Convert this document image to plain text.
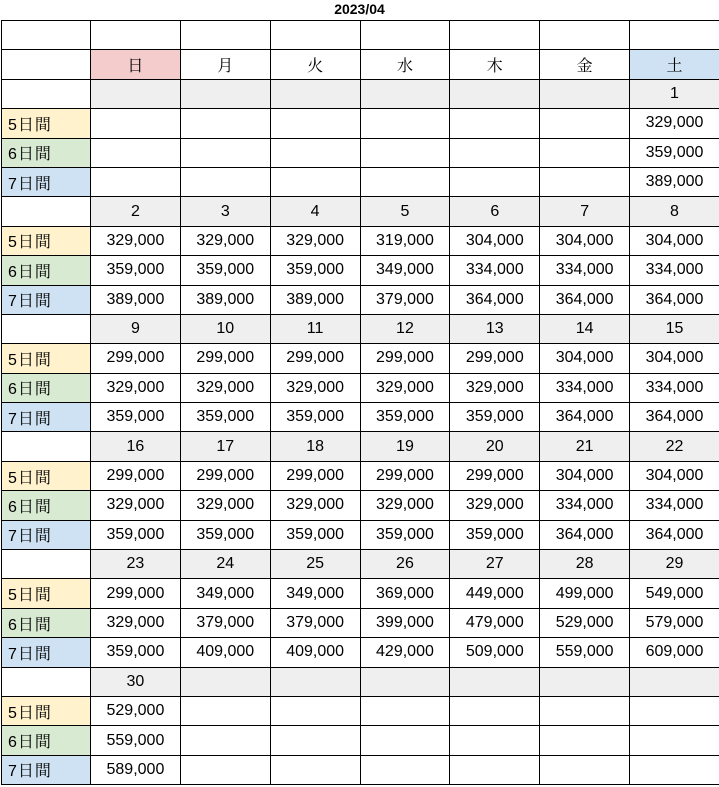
2023/04

	日	月	火	水	木	金	土
							1
5日間							329,000
6日間							359,000
7日間							389,000
	2	3	4	5	6	7	8
5日間	329,000	329,000	329,000	319,000	304,000	304,000	304,000
6日間	359,000	359,000	359,000	349,000	334,000	334,000	334,000
7日間	389,000	389,000	389,000	379,000	364,000	364,000	364,000
	9	10	11	12	13	14	15
5日間	299,000	299,000	299,000	299,000	299,000	304,000	304,000
6日間	329,000	329,000	329,000	329,000	329,000	334,000	334,000
7日間	359,000	359,000	359,000	359,000	359,000	364,000	364,000
	16	17	18	19	20	21	22
5日間	299,000	299,000	299,000	299,000	299,000	304,000	304,000
6日間	329,000	329,000	329,000	329,000	329,000	334,000	334,000
7日間	359,000	359,000	359,000	359,000	359,000	364,000	364,000
	23	24	25	26	27	28	29
5日間	299,000	349,000	349,000	369,000	449,000	499,000	549,000
6日間	329,000	379,000	379,000	399,000	479,000	529,000	579,000
7日間	359,000	409,000	409,000	429,000	509,000	559,000	609,000
	30						
5日間	529,000						
6日間	559,000						
7日間	589,000						
